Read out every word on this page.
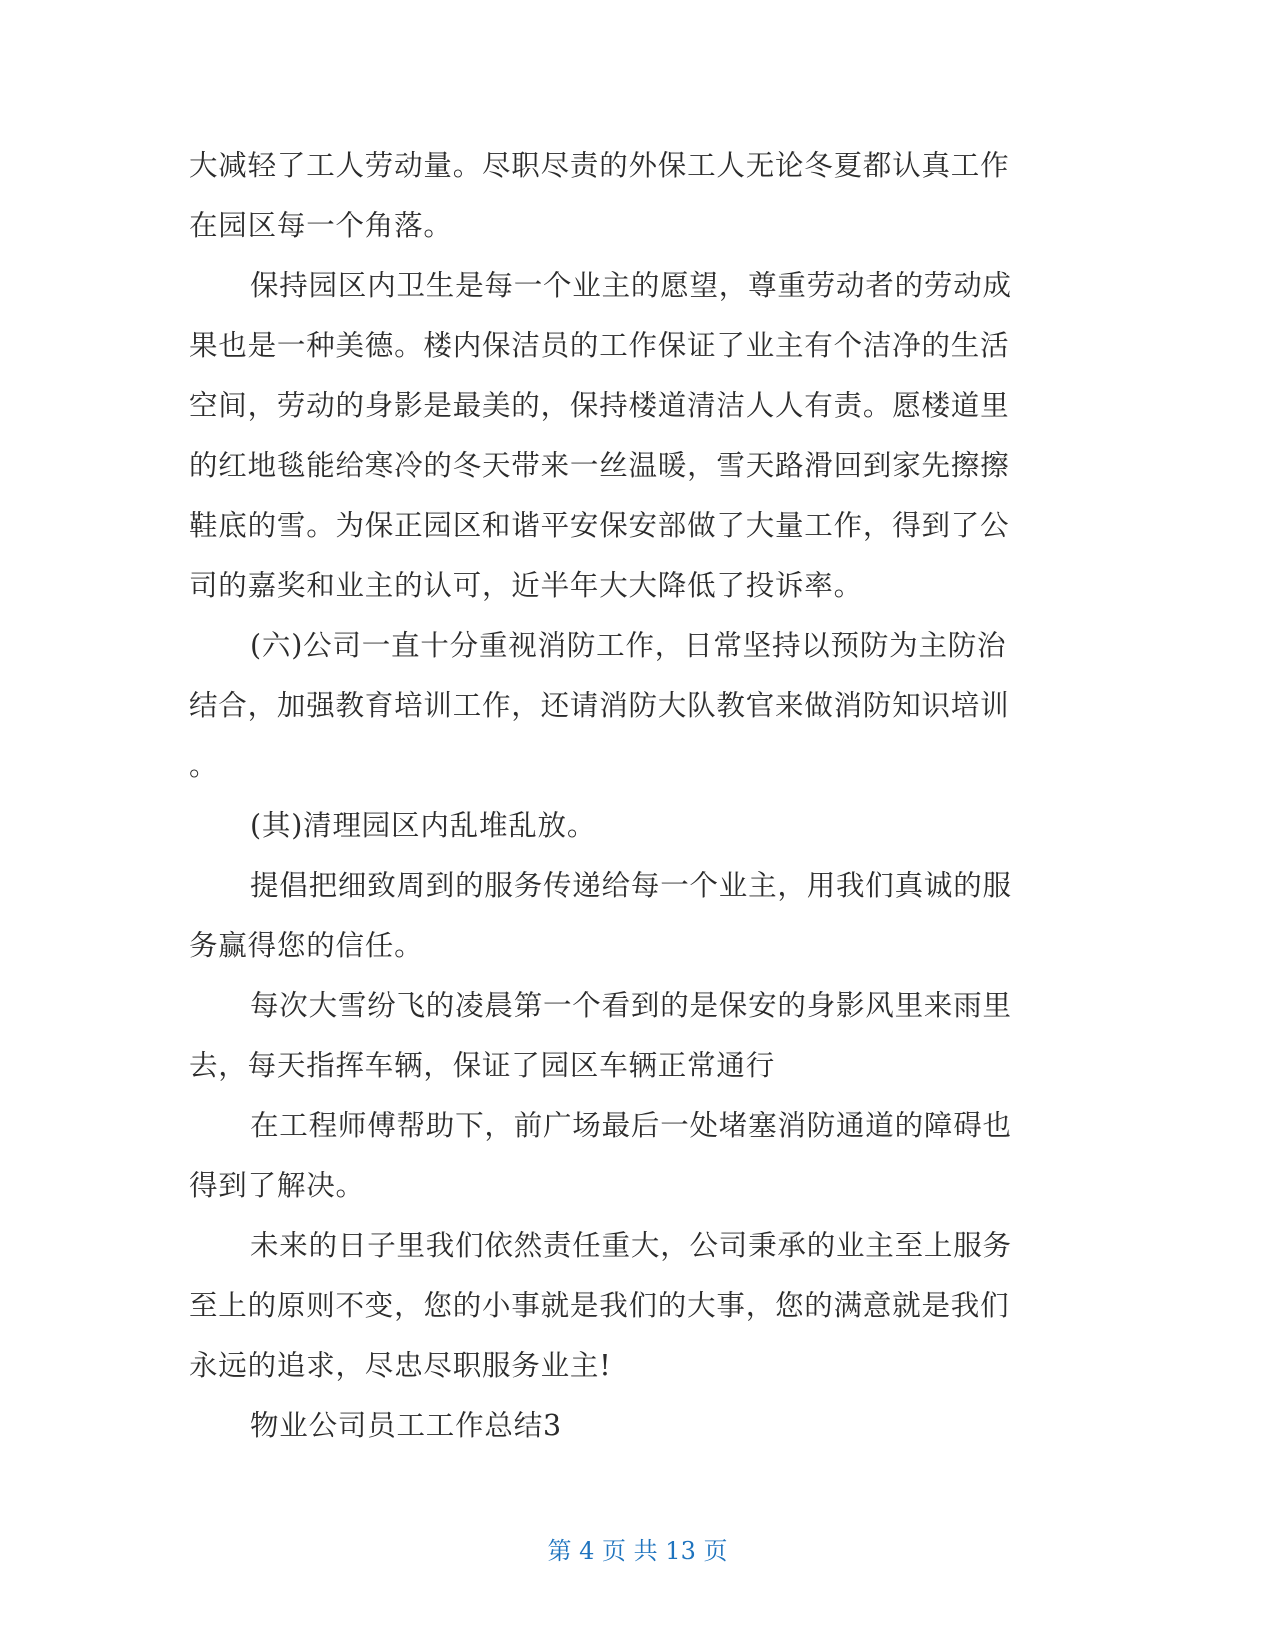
大减轻了工人劳动量。尽职尽责的外保工人无论冬夏都认真工作
在园区每一个角落。
保持园区内卫生是每一个业主的愿望，尊重劳动者的劳动成
果也是一种美德。楼内保洁员的工作保证了业主有个洁净的生活
空间，劳动的身影是最美的，保持楼道清洁人人有责。愿楼道里
的红地毯能给寒冷的冬天带来一丝温暖，雪天路滑回到家先擦擦
鞋底的雪。为保正园区和谐平安保安部做了大量工作，得到了公
司的嘉奖和业主的认可，近半年大大降低了投诉率。
(六)公司一直十分重视消防工作，日常坚持以预防为主防治
结合，加强教育培训工作，还请消防大队教官来做消防知识培训
。
(其)清理园区内乱堆乱放。
提倡把细致周到的服务传递给每一个业主，用我们真诚的服
务赢得您的信任。
每次大雪纷飞的凌晨第一个看到的是保安的身影风里来雨里
去，每天指挥车辆，保证了园区车辆正常通行
在工程师傅帮助下，前广场最后一处堵塞消防通道的障碍也
得到了解决。
未来的日子里我们依然责任重大，公司秉承的业主至上服务
至上的原则不变，您的小事就是我们的大事，您的满意就是我们
永远的追求，尽忠尽职服务业主!
物业公司员工工作总结3
第 4 页 共 13 页
